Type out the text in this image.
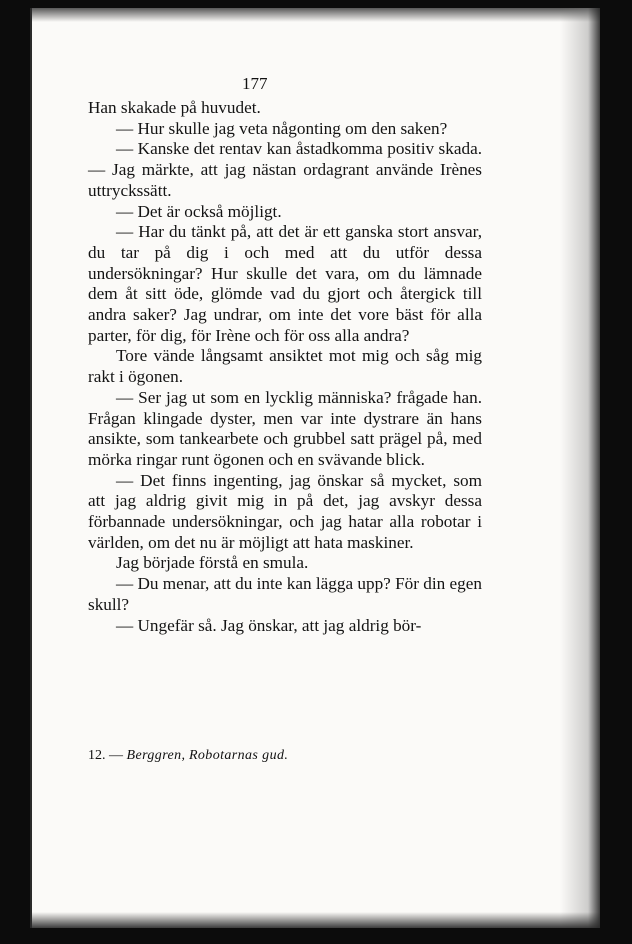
177

Han skakade på huvudet.

— Hur skulle jag veta någonting om den saken?

— Kanske det rentav kan åstadkomma positiv skada. — Jag märkte, att jag nästan ordagrant använde Irènes uttryckssätt.

— Det är också möjligt.

— Har du tänkt på, att det är ett ganska stort ansvar, du tar på dig i och med att du utför dessa undersökningar? Hur skulle det vara, om du lämnade dem åt sitt öde, glömde vad du gjort och återgick till andra saker? Jag undrar, om inte det vore bäst för alla parter, för dig, för Irène och för oss alla andra?

Tore vände långsamt ansiktet mot mig och såg mig rakt i ögonen.

— Ser jag ut som en lycklig människa? frågade han. Frågan klingade dyster, men var inte dystrare än hans ansikte, som tankearbete och grubbel satt prägel på, med mörka ringar runt ögonen och en svävande blick.

— Det finns ingenting, jag önskar så mycket, som att jag aldrig givit mig in på det, jag avskyr dessa förbannade undersökningar, och jag hatar alla robotar i världen, om det nu är möjligt att hata maskiner.

Jag började förstå en smula.

— Du menar, att du inte kan lägga upp? För din egen skull?

— Ungefär så. Jag önskar, att jag aldrig bör-

12. — Berggren, Robotarnas gud.
